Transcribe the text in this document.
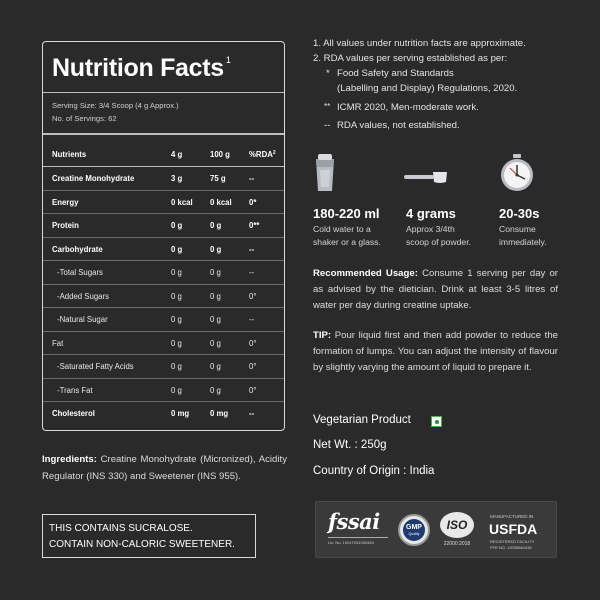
Nutrition Facts $^1$
Serving Size: 3/4 Scoop (4 g Approx.)
No. of Servings: 62
Nutrients	4 g	100 g %RDA$^2$
Creatine Monohydrate	3 g	75 g	--
Energy	0 kcal 0 kcal 0*
Protein	0 g	0 g	0**
Carbohydrate	0 g	0 g	--
-Total Sugars	0 g	0 g	--
-Added Sugars	0 g	0 g	0°
-Natural Sugar	0 g	0 g	--
Fat	0 g	0 g	0°
-Saturated Fatty Acids	0 g	0 g	0°
-Trans Fat	0 g	0 g	0°
Cholesterol	0 mg	0 mg	--
Ingredients: Creatine Monohydrate (Micronized), Acidity Regulator (INS 330) and Sweetener (INS 955).
THIS CONTAINS SUCRALOSE.
CONTAIN NON-CALORIC SWEETENER.
1. All values under nutrition facts are approximate.
2. RDA values per serving established as per:
* Food Safety and Standards
(Labelling and Display) Regulations, 2020.
** ICMR 2020, Men-moderate work.
-- RDA values, not established.
180-220 ml
Cold water to a
shaker or a glass.
4 grams
Approx 3/4th
scoop of powder.
20-30s
Consume
immediately.
Recommended Usage: Consume 1 serving per day or as advised by the dietician. Drink at least 3-5 litres of water per day during creatine uptake.
TIP: Pour liquid first and then add powder to reduce the formation of lumps. You can adjust the intensity of flavour by slightly varying the amount of liquid to prepare it.
Vegetarian Product
Net Wt. : 250g
Country of Origin : India
fssai
Lic. No. 10017031000469
GMP
Quality
ISO
22000:2018
MANUFACTURED IN
USFDA
REGISTERED FACILITY
FFR NO. 12005664436
